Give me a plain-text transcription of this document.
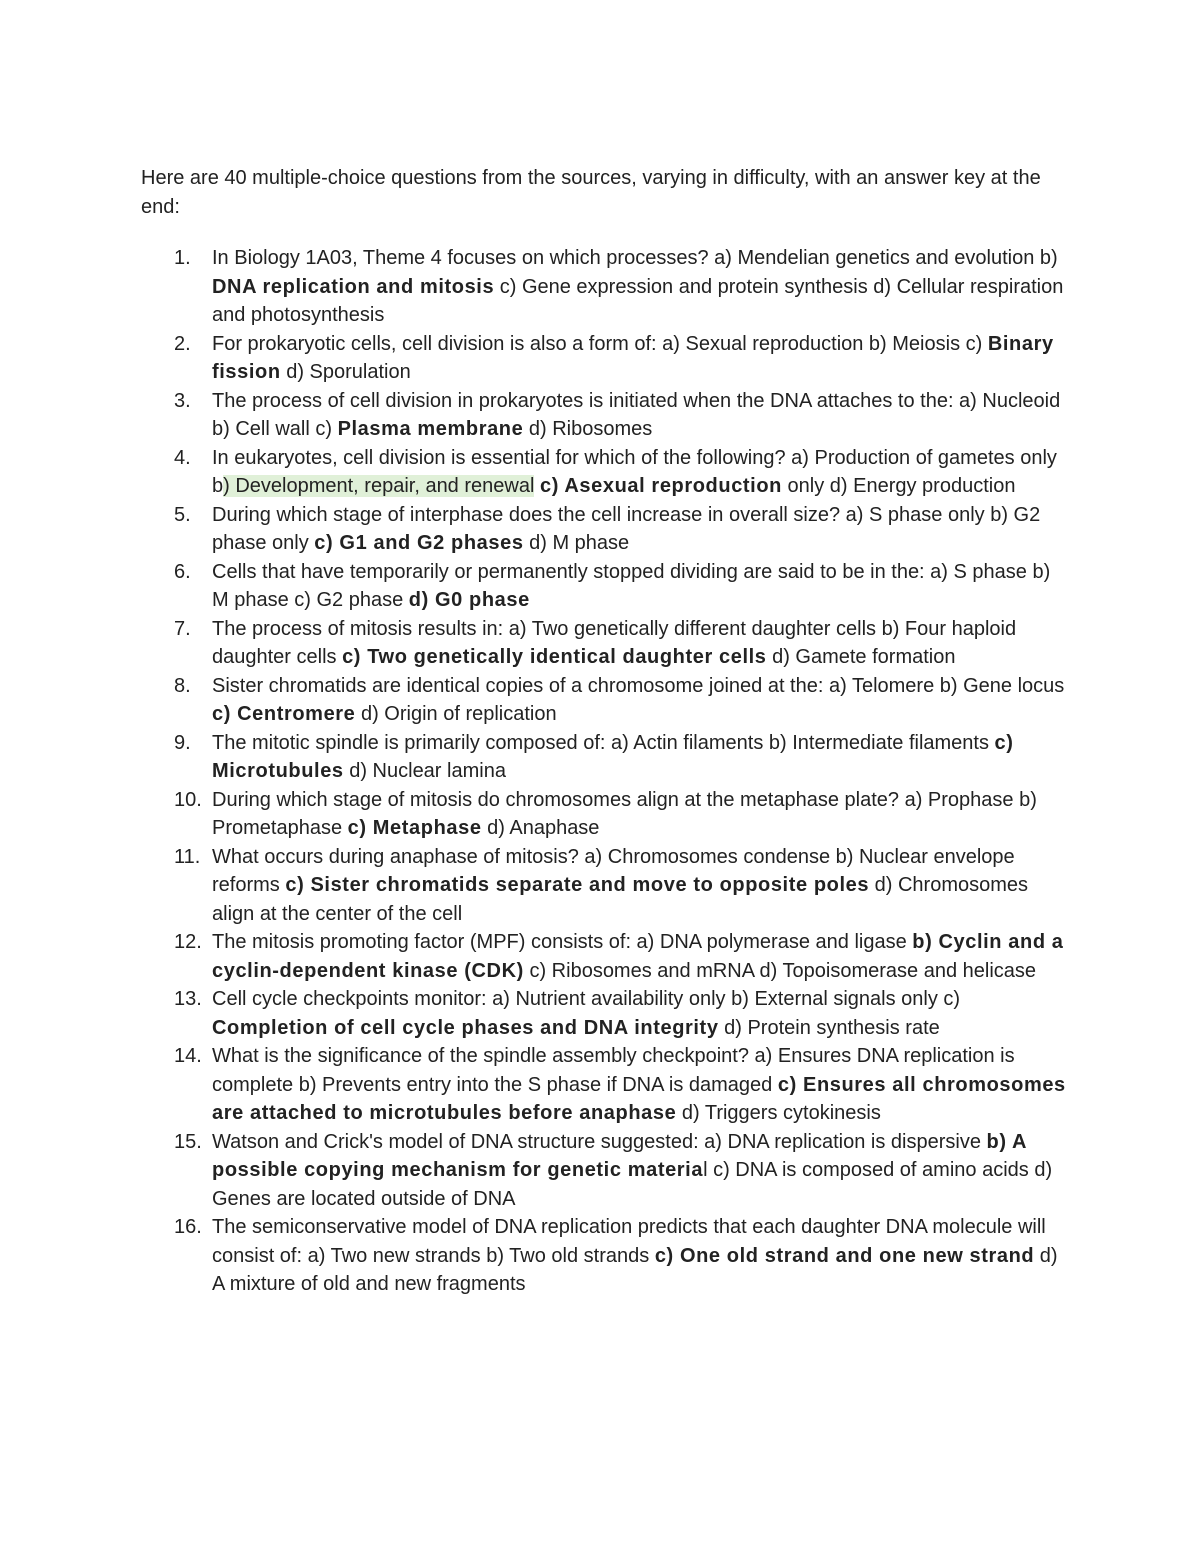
Here are 40 multiple-choice questions from the sources, varying in difficulty, with an answer key at the end:

1. In Biology 1A03, Theme 4 focuses on which processes? a) Mendelian genetics and evolution b) DNA replication and mitosis c) Gene expression and protein synthesis d) Cellular respiration and photosynthesis
2. For prokaryotic cells, cell division is also a form of: a) Sexual reproduction b) Meiosis c) Binary fission d) Sporulation
3. The process of cell division in prokaryotes is initiated when the DNA attaches to the: a) Nucleoid b) Cell wall c) Plasma membrane d) Ribosomes
4. In eukaryotes, cell division is essential for which of the following? a) Production of gametes only b) Development, repair, and renewal c) Asexual reproduction only d) Energy production
5. During which stage of interphase does the cell increase in overall size? a) S phase only b) G2 phase only c) G1 and G2 phases d) M phase
6. Cells that have temporarily or permanently stopped dividing are said to be in the: a) S phase b) M phase c) G2 phase d) G0 phase
7. The process of mitosis results in: a) Two genetically different daughter cells b) Four haploid daughter cells c) Two genetically identical daughter cells d) Gamete formation
8. Sister chromatids are identical copies of a chromosome joined at the: a) Telomere b) Gene locus c) Centromere d) Origin of replication
9. The mitotic spindle is primarily composed of: a) Actin filaments b) Intermediate filaments c) Microtubules d) Nuclear lamina
10. During which stage of mitosis do chromosomes align at the metaphase plate? a) Prophase b) Prometaphase c) Metaphase d) Anaphase
11. What occurs during anaphase of mitosis? a) Chromosomes condense b) Nuclear envelope reforms c) Sister chromatids separate and move to opposite poles d) Chromosomes align at the center of the cell
12. The mitosis promoting factor (MPF) consists of: a) DNA polymerase and ligase b) Cyclin and a cyclin-dependent kinase (CDK) c) Ribosomes and mRNA d) Topoisomerase and helicase
13. Cell cycle checkpoints monitor: a) Nutrient availability only b) External signals only c) Completion of cell cycle phases and DNA integrity d) Protein synthesis rate
14. What is the significance of the spindle assembly checkpoint? a) Ensures DNA replication is complete b) Prevents entry into the S phase if DNA is damaged c) Ensures all chromosomes are attached to microtubules before anaphase d) Triggers cytokinesis
15. Watson and Crick's model of DNA structure suggested: a) DNA replication is dispersive b) A possible copying mechanism for genetic material c) DNA is composed of amino acids d) Genes are located outside of DNA
16. The semiconservative model of DNA replication predicts that each daughter DNA molecule will consist of: a) Two new strands b) Two old strands c) One old strand and one new strand d) A mixture of old and new fragments
